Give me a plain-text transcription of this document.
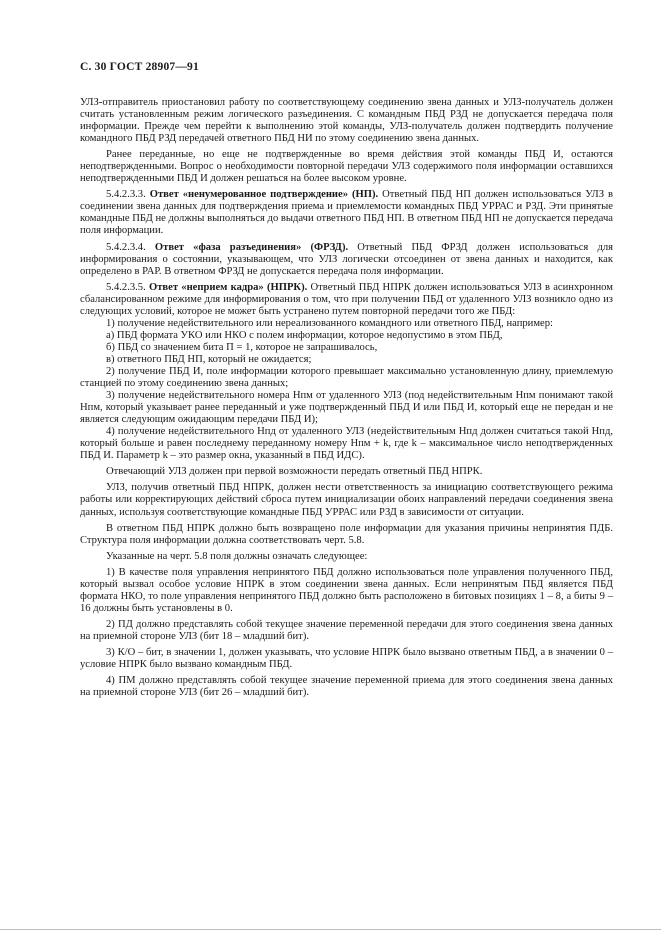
С. 30 ГОСТ 28907—91

УЛЗ-отправитель приостановил работу по соответствующему соединению звена данных и УЛЗ-получатель должен считать установленным режим логического разъединения. С командным ПБД РЗД не допускается передача поля информации. Прежде чем перейти к выполнению этой команды, УЛЗ-получатель должен подтвердить получение командного ПБД РЗД передачей ответного ПБД НИ по этому соединению звена данных.

Ранее переданные, но еще не подтвержденные во время действия этой команды ПБД И, остаются неподтвержденными. Вопрос о необходимости повторной передачи УЛЗ содержимого поля информации оставшихся неподтвержденными ПБД И должен решаться на более высоком уровне.

5.4.2.3.3. Ответ «ненумерованное подтверждение» (НП). Ответный ПБД НП должен использоваться УЛЗ в соединении звена данных для подтверждения приема и приемлемости командных ПБД УРРАС и РЗД. Эти принятые командные ПБД не должны выполняться до выдачи ответного ПБД НП. В ответном ПБД НП не допускается передача поля информации.

5.4.2.3.4. Ответ «фаза разъединения» (ФРЗД). Ответный ПБД ФРЗД должен использоваться для информирования о состоянии, указывающем, что УЛЗ логически отсоединен от звена данных и находится, как определено в РАР. В ответном ФРЗД не допускается передача поля информации.

5.4.2.3.5. Ответ «неприем кадра» (НПРК). Ответный ПБД НПРК должен использоваться УЛЗ в асинхронном сбалансированном режиме для информирования о том, что при получении ПБД от удаленного УЛЗ возникло одно из следующих условий, которое не может быть устранено путем повторной передачи того же ПБД:

1) получение недействительного или нереализованного командного или ответного ПБД, например:

а) ПБД формата УКО или НКО с полем информации, которое недопустимо в этом ПБД,

б) ПБД со значением бита П = 1, которое не запрашивалось,

в) ответного ПБД НП, который не ожидается;

2) получение ПБД И, поле информации которого превышает максимально установленную длину, приемлемую станцией по этому соединению звена данных;

3) получение недействительного номера Нпм от удаленного УЛЗ (под недействительным Нпм понимают такой Нпм, который указывает ранее переданный и уже подтвержденный ПБД И или ПБД И, который еще не передан и не является следующим ожидающим передачи ПБД И);

4) получение недействительного Нпд от удаленного УЛЗ (недействительным Нпд должен считаться такой Нпд, который больше и равен последнему переданному номеру Нпм + k, где k – максимальное число неподтвержденных ПБД И. Параметр k – это размер окна, указанный в ПБД ИДС).

Отвечающий УЛЗ должен при первой возможности передать ответный ПБД НПРК.

УЛЗ, получив ответный ПБД НПРК, должен нести ответственность за инициацию соответствующего режима работы или корректирующих действий сброса путем инициализации обоих направлений передачи соединения звена данных, используя соответствующие командные ПБД УРРАС или РЗД в зависимости от ситуации.

В ответном ПБД НПРК должно быть возвращено поле информации для указания причины непринятия ПДБ. Структура поля информации должна соответствовать черт. 5.8.

Указанные на черт. 5.8 поля должны означать следующее:

1) В качестве поля управления непринятого ПБД должно использоваться поле управления полученного ПБД, который вызвал особое условие НПРК в этом соединении звена данных. Если непринятым ПБД является ПБД формата НКО, то поле управления непринятого ПБД должно быть расположено в битовых позициях 1 – 8, а биты 9 – 16 должны быть установлены в 0.

2) ПД должно представлять собой текущее значение переменной передачи для этого соединения звена данных на приемной стороне УЛЗ (бит 18 – младший бит).

3) К/О – бит, в значении 1, должен указывать, что условие НПРК было вызвано ответным ПБД, а в значении 0 – условие НПРК было вызвано командным ПБД.

4) ПМ должно представлять собой текущее значение переменной приема для этого соединения звена данных на приемной стороне УЛЗ (бит 26 – младший бит).
